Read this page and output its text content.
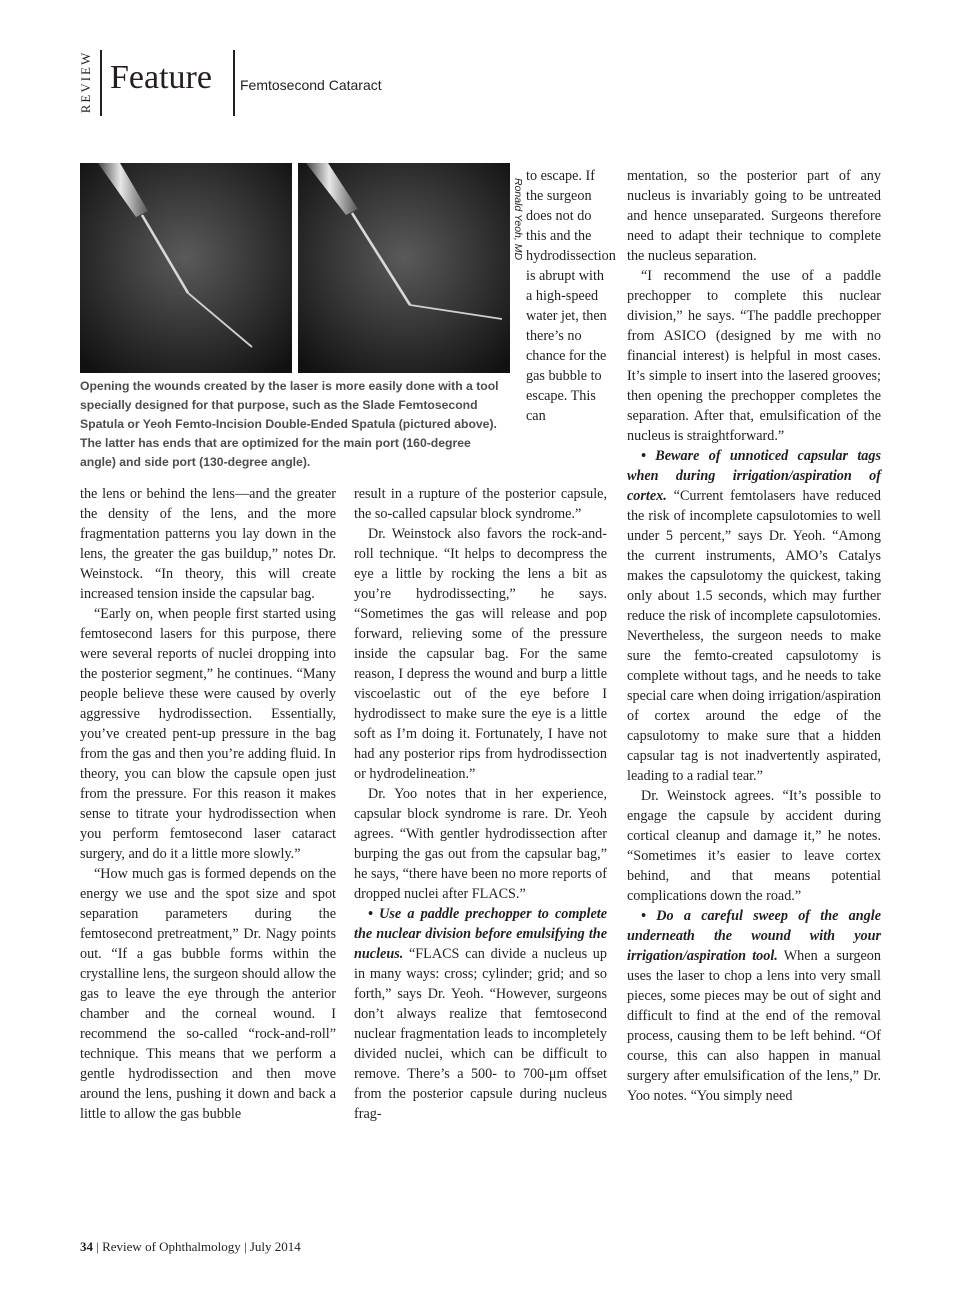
REVIEW Feature Femtosecond Cataract
Ronald Yeoh, MD

Opening the wounds created by the laser is more easily done with a tool specially designed for that purpose, such as the Slade Femtosecond Spatula or Yeoh Femto-Incision Double-Ended Spatula (pictured above). The latter has ends that are optimized for the main port (160-degree angle) and side port (130-degree angle).

to escape. If the surgeon does not do this and the hydrodissection is abrupt with a high-speed water jet, then there’s no chance for the gas bubble to escape. This can

the lens or behind the lens—and the greater the density of the lens, and the more fragmentation patterns you lay down in the lens, the greater the gas buildup,” notes Dr. Weinstock. “In theory, this will create increased tension inside the capsular bag.

“Early on, when people first started using femtosecond lasers for this purpose, there were several reports of nuclei dropping into the posterior segment,” he continues. “Many people believe these were caused by overly aggressive hydrodissection. Essentially, you’ve created pent-up pressure in the bag from the gas and then you’re adding fluid. In theory, you can blow the capsule open just from the pressure. For this reason it makes sense to titrate your hydrodissection when you perform femtosecond laser cataract surgery, and do it a little more slowly.”

“How much gas is formed depends on the energy we use and the spot size and spot separation parameters during the femtosecond pretreatment,” Dr. Nagy points out. “If a gas bubble forms within the crystalline lens, the surgeon should allow the gas to leave the eye through the anterior chamber and the corneal wound. I recommend the so-called “rock-and-roll” technique. This means that we perform a gentle hydrodissection and then move around the lens, pushing it down and back a little to allow the gas bubble

result in a rupture of the posterior capsule, the so-called capsular block syndrome.”

Dr. Weinstock also favors the rock-and-roll technique. “It helps to decompress the eye a little by rocking the lens a bit as you’re hydrodissecting,” he says. “Sometimes the gas will release and pop forward, relieving some of the pressure inside the capsular bag. For the same reason, I depress the wound and burp a little viscoelastic out of the eye before I hydrodissect to make sure the eye is a little soft as I’m doing it. Fortunately, I have not had any posterior rips from hydrodissection or hydrodelineation.”

Dr. Yoo notes that in her experience, capsular block syndrome is rare. Dr. Yeoh agrees. “With gentler hydrodissection after burping the gas out from the capsular bag,” he says, “there have been no more reports of dropped nuclei after FLACS.”

• Use a paddle prechopper to complete the nuclear division before emulsifying the nucleus. “FLACS can divide a nucleus up in many ways: cross; cylinder; grid; and so forth,” says Dr. Yeoh. “However, surgeons don’t always realize that femtosecond nuclear fragmentation leads to incompletely divided nuclei, which can be difficult to remove. There’s a 500- to 700-μm offset from the posterior capsule during nucleus frag-

mentation, so the posterior part of any nucleus is invariably going to be untreated and hence unseparated. Surgeons therefore need to adapt their technique to complete the nucleus separation.

“I recommend the use of a paddle prechopper to complete this nuclear division,” he says. “The paddle prechopper from ASICO (designed by me with no financial interest) is helpful in most cases. It’s simple to insert into the lasered grooves; then opening the prechopper completes the separation. After that, emulsification of the nucleus is straightforward.”

• Beware of unnoticed capsular tags when during irrigation/aspiration of cortex. “Current femtolasers have reduced the risk of incomplete capsulotomies to well under 5 percent,” says Dr. Yeoh. “Among the current instruments, AMO’s Catalys makes the capsulotomy the quickest, taking only about 1.5 seconds, which may further reduce the risk of incomplete capsulotomies. Nevertheless, the surgeon needs to make sure the femto-created capsulotomy is complete without tags, and he needs to take special care when doing irrigation/aspiration of cortex around the edge of the capsulotomy to make sure that a hidden capsular tag is not inadvertently aspirated, leading to a radial tear.”

Dr. Weinstock agrees. “It’s possible to engage the capsule by accident during cortical cleanup and damage it,” he notes. “Sometimes it’s easier to leave cortex behind, and that means potential complications down the road.”

• Do a careful sweep of the angle underneath the wound with your irrigation/aspiration tool. When a surgeon uses the laser to chop a lens into very small pieces, some pieces may be out of sight and difficult to find at the end of the removal process, causing them to be left behind. “Of course, this can also happen in manual surgery after emulsification of the lens,” Dr. Yoo notes. “You simply need

34 | Review of Ophthalmology | July 2014
